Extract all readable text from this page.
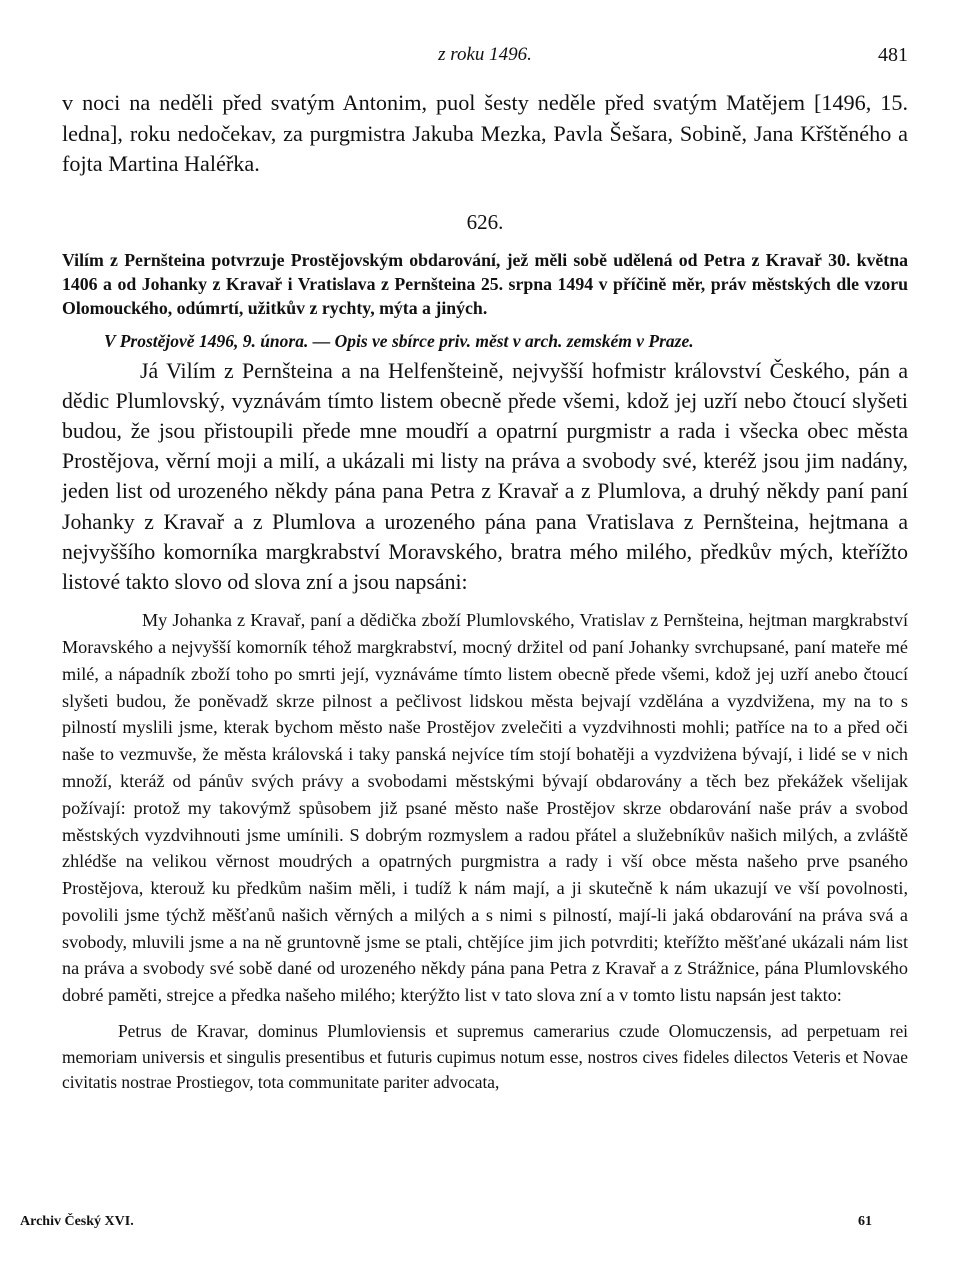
z roku 1496.	481

v noci na neděli před svatým Antonim, puol šesty neděle před svatým Matějem [1496, 15. ledna], roku nedočekav, za purgmistra Jakuba Mezka, Pavla Šešara, Sobině, Jana Křštěného a fojta Martina Haléřka.

626.

Vilím z Pernšteina potvrzuje Prostějovským obdarování, jež měli sobě udělená od Petra z Kravař 30. května 1406 a od Johanky z Kravař i Vratislava z Pernšteina 25. srpna 1494 v příčině měr, práv městských dle vzoru Olomouckého, odúmrtí, užitkův z rychty, mýta a jiných.

V Prostějově 1496, 9. února. — Opis ve sbírce priv. měst v arch. zemském v Praze.

Já Vilím z Pernšteina a na Helfenšteině, nejvyšší hofmistr království Českého, pán a dědic Plumlovský, vyznávám tímto listem obecně přede všemi, kdož jej uzří nebo čtoucí slyšeti budou, že jsou přistoupili přede mne moudří a opatrní purgmistr a rada i všecka obec města Prostějova, věrní moji a milí, a ukázali mi listy na práva a svobody své, kteréž jsou jim nadány, jeden list od urozeného někdy pána pana Petra z Kravař a z Plumlova, a druhý někdy paní paní Johanky z Kravař a z Plumlova a urozeného pána pana Vratislava z Pernšteina, hejtmana a nejvyššího komorníka margkrabství Moravského, bratra mého milého, předkův mých, kteřížto listové takto slovo od slova zní a jsou napsáni:

My Johanka z Kravař, paní a dědička zboží Plumlovského, Vratislav z Pernšteina, hejtman margkrabství Moravského a nejvyšší komorník téhož margkrabství, mocný držitel od paní Johanky svrchupsané, paní mateře mé milé, a nápadník zboží toho po smrti její, vyznáváme tímto listem obecně přede všemi, kdož jej uzří anebo čtoucí slyšeti budou, že poněvadž skrze pilnost a pečlivost lidskou města bejvají vzdělána a vyzdvižena, my na to s pilností myslili jsme, kterak bychom město naše Prostějov zvelečiti a vyzdvihnosti mohli; patříce na to a před oči naše to vezmuvše, že města královská i taky panská nejvíce tím stojí bohatěji a vyzdviżena bývají, i lidé se v nich množí, kteráž od pánův svých právy a svobodami městskými bývají obdarovány a těch bez překážek všelijak požívají: protož my takovýmž spůsobem již psané město naše Prostějov skrze obdarování naše práv a svobod městských vyzdvihnouti jsme umínili. S dobrým rozmyslem a radou přátel a služebníkův našich milých, a zvláště zhlédše na velikou věrnost moudrých a opatrných purgmistra a rady i vší obce města našeho prve psaného Prostějova, kterouž ku předkům našim měli, i tudíž k nám mají, a ji skutečně k nám ukazují ve vší povolnosti, povolili jsme týchž měšťanů našich věrných a milých a s nimi s pilností, mají-li jaká obdarování na práva svá a svobody, mluvili jsme a na ně gruntovně jsme se ptali, chtějíce jim jich potvrditi; kteřížto měšťané ukázali nám list na práva a svobody své sobě dané od urozeného někdy pána pana Petra z Kravař a z Strážnice, pána Plumlovského dobré paměti, strejce a předka našeho milého; kterýžto list v tato slova zní a v tomto listu napsán jest takto:

Petrus de Kravar, dominus Plumloviensis et supremus camerarius czude Olomuczensis, ad perpetuam rei memoriam universis et singulis presentibus et futuris cupimus notum esse, nostros cives fideles dilectos Veteris et Novae civitatis nostrae Prostiegov, tota communitate pariter advocata,

Archiv Český XVI.	61
